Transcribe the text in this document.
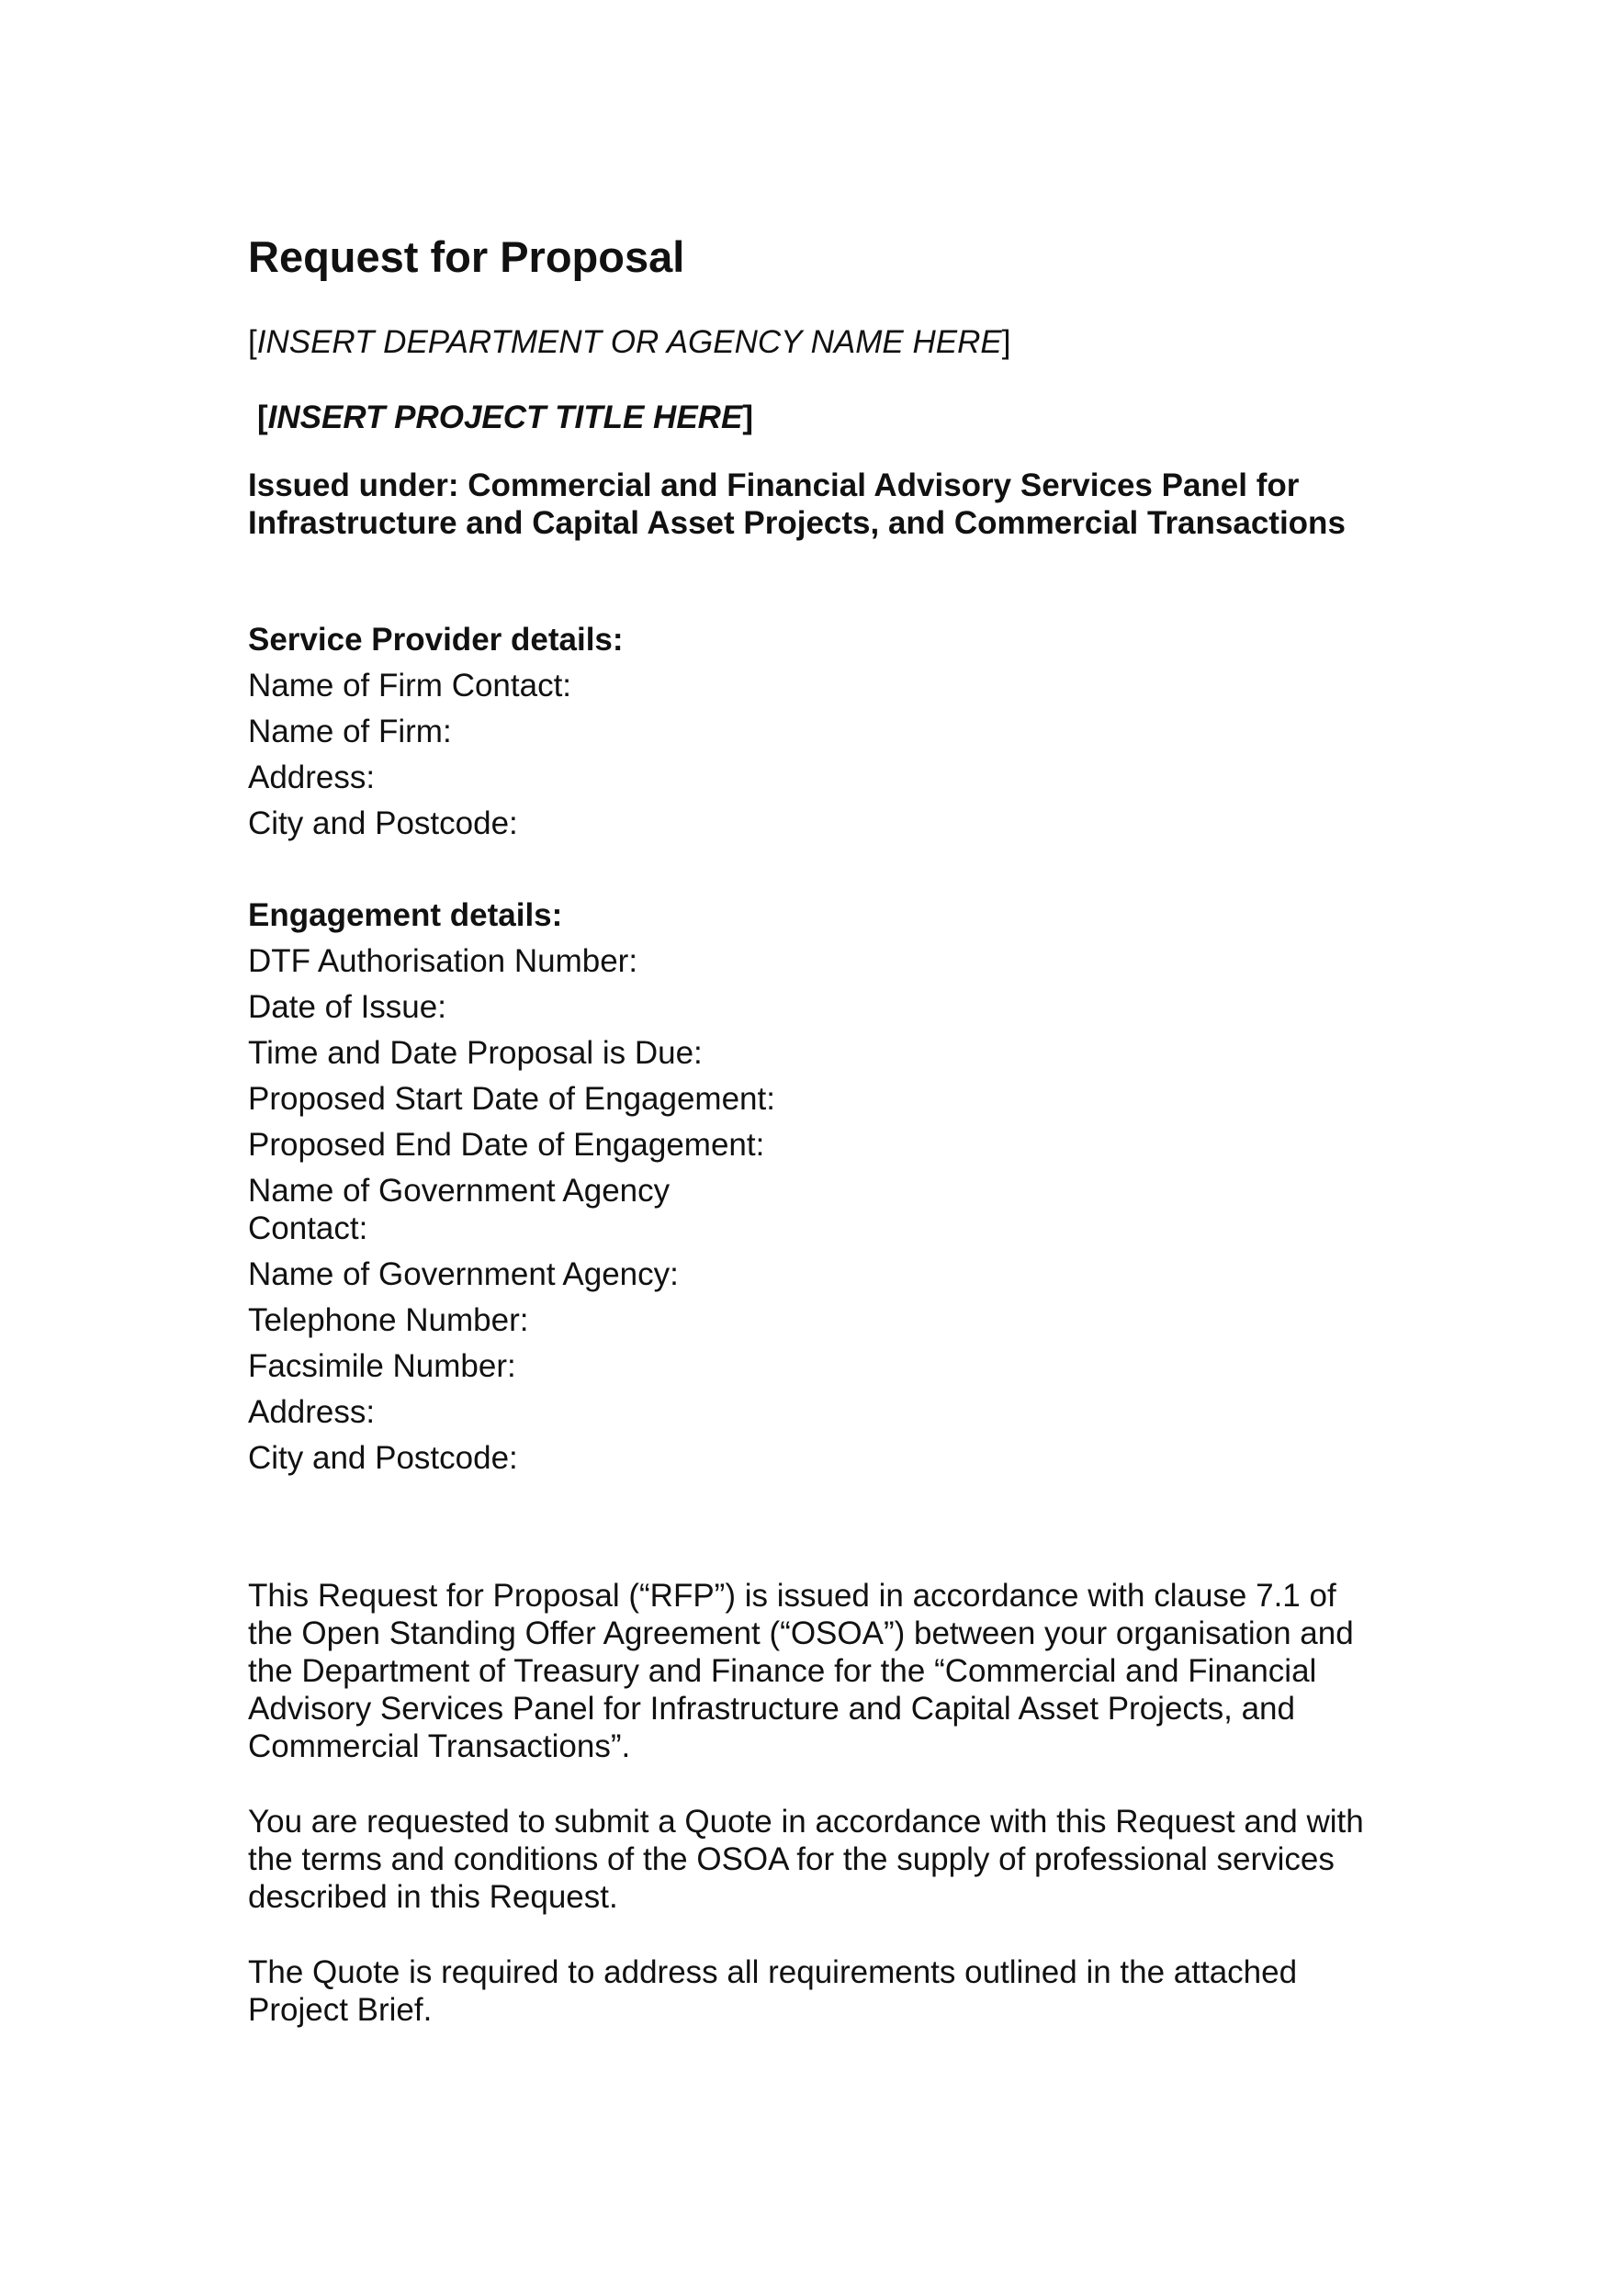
Request for Proposal
[INSERT DEPARTMENT OR AGENCY NAME HERE]
[INSERT PROJECT TITLE HERE]
Issued under: Commercial and Financial Advisory Services Panel for Infrastructure and Capital Asset Projects, and Commercial Transactions
Service Provider details:
Name of Firm Contact:
Name of Firm:
Address:
City and Postcode:
Engagement details:
DTF Authorisation Number:
Date of Issue:
Time and Date Proposal is Due:
Proposed Start Date of Engagement:
Proposed End Date of Engagement:
Name of Government Agency Contact:
Name of Government Agency:
Telephone Number:
Facsimile Number:
Address:
City and Postcode:

This Request for Proposal (“RFP”) is issued in accordance with clause 7.1 of the Open Standing Offer Agreement (“OSOA”) between your organisation and the Department of Treasury and Finance for the “Commercial and Financial Advisory Services Panel for Infrastructure and Capital Asset Projects, and Commercial Transactions”.

You are requested to submit a Quote in accordance with this Request and with the terms and conditions of the OSOA for the supply of professional services described in this Request.

The Quote is required to address all requirements outlined in the attached Project Brief.
